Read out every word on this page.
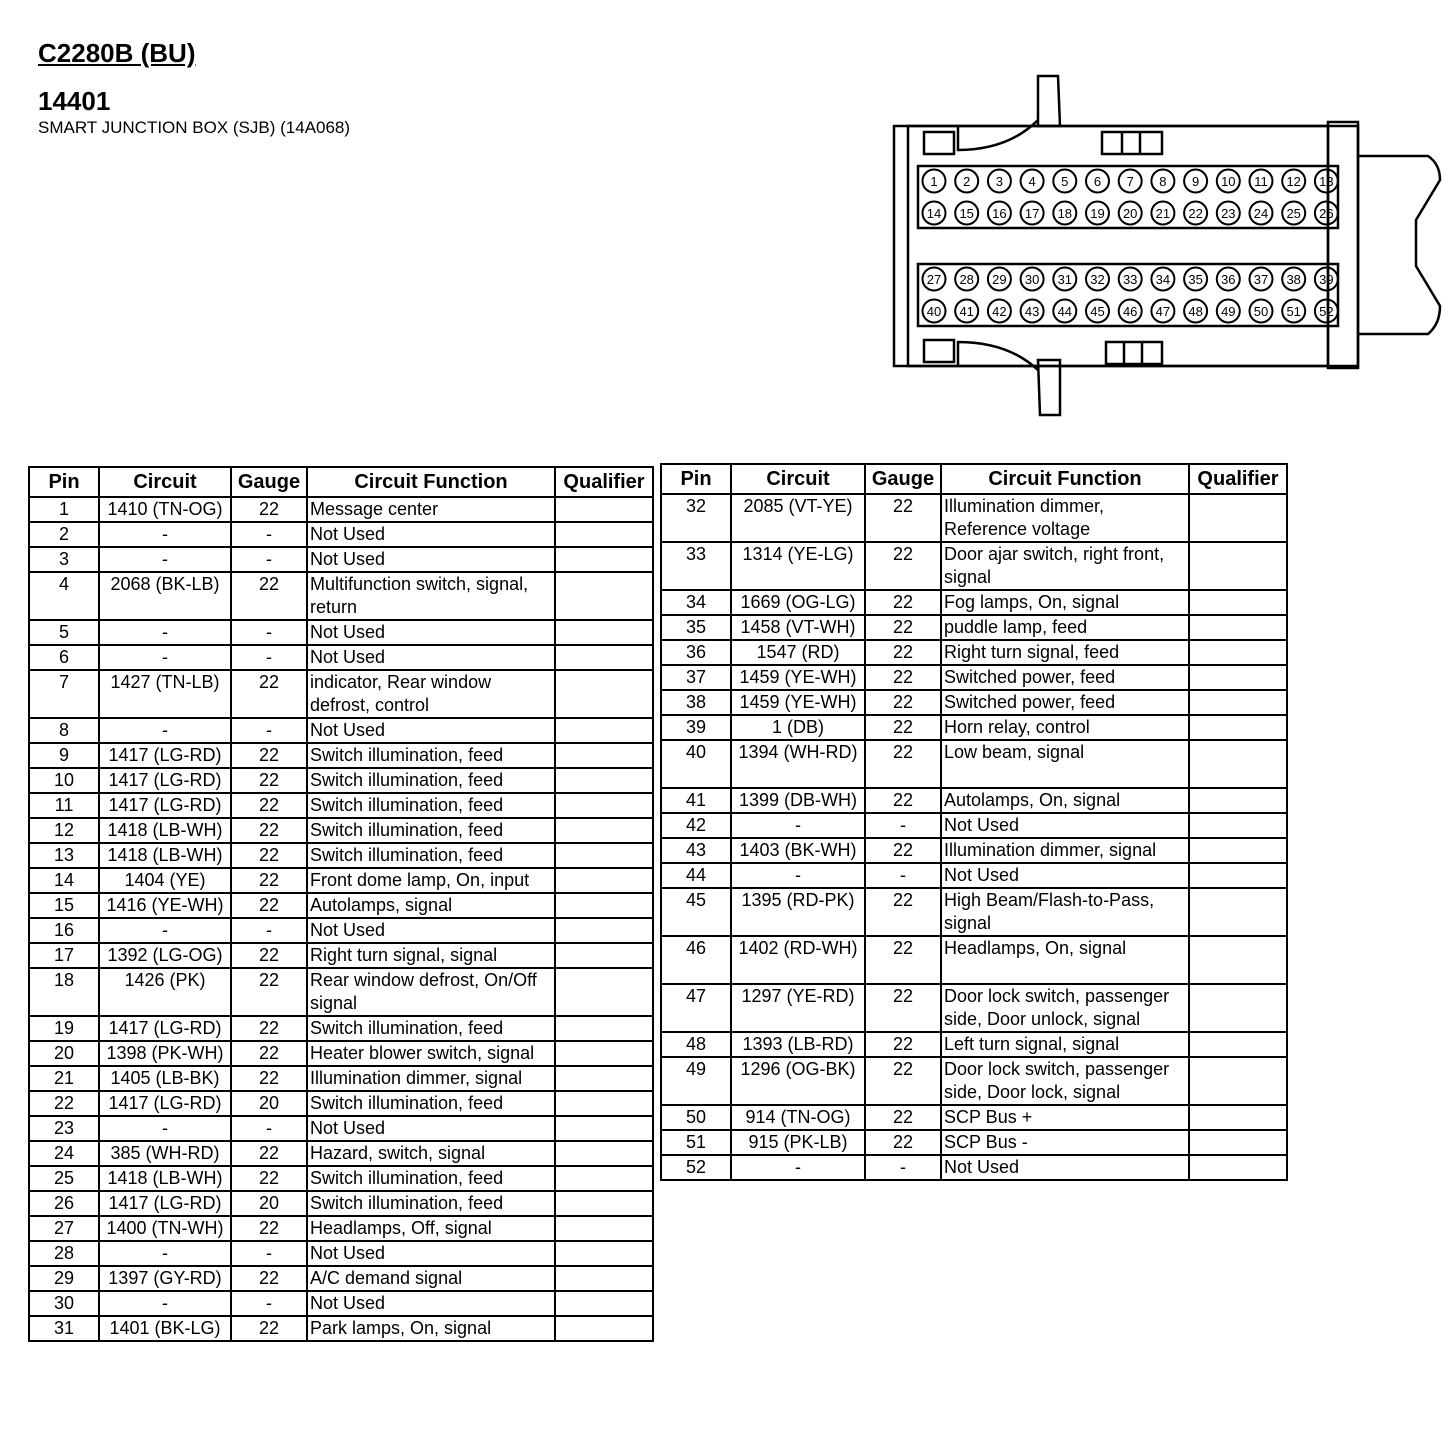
C2280B (BU)
14401
SMART JUNCTION BOX (SJB) (14A068)
1 2 3 4 5 6 7 8 9 10 11 12 13
14 15 16 17 18 19 20 21 22 23 24 25 26
27 28 29 30 31 32 33 34 35 36 37 38 39
40 41 42 43 44 45 46 47 48 49 50 51 52
Pin	Circuit	Gauge	Circuit Function	Qualifier
1	1410 (TN-OG)	22	Message center	
2	-	-	Not Used	
3	-	-	Not Used	
4	2068 (BK-LB)	22	Multifunction switch, signal, return	
5	-	-	Not Used	
6	-	-	Not Used	
7	1427 (TN-LB)	22	indicator, Rear window defrost, control	
8	-	-	Not Used	
9	1417 (LG-RD)	22	Switch illumination, feed	
10	1417 (LG-RD)	22	Switch illumination, feed	
11	1417 (LG-RD)	22	Switch illumination, feed	
12	1418 (LB-WH)	22	Switch illumination, feed	
13	1418 (LB-WH)	22	Switch illumination, feed	
14	1404 (YE)	22	Front dome lamp, On, input	
15	1416 (YE-WH)	22	Autolamps, signal	
16	-	-	Not Used	
17	1392 (LG-OG)	22	Right turn signal, signal	
18	1426 (PK)	22	Rear window defrost, On/Off signal	
19	1417 (LG-RD)	22	Switch illumination, feed	
20	1398 (PK-WH)	22	Heater blower switch, signal	
21	1405 (LB-BK)	22	Illumination dimmer, signal	
22	1417 (LG-RD)	20	Switch illumination, feed	
23	-	-	Not Used	
24	385 (WH-RD)	22	Hazard, switch, signal	
25	1418 (LB-WH)	22	Switch illumination, feed	
26	1417 (LG-RD)	20	Switch illumination, feed	
27	1400 (TN-WH)	22	Headlamps, Off, signal	
28	-	-	Not Used	
29	1397 (GY-RD)	22	A/C demand signal	
30	-	-	Not Used	
31	1401 (BK-LG)	22	Park lamps, On, signal	
Pin	Circuit	Gauge	Circuit Function	Qualifier
32	2085 (VT-YE)	22	Illumination dimmer, Reference voltage	
33	1314 (YE-LG)	22	Door ajar switch, right front, signal	
34	1669 (OG-LG)	22	Fog lamps, On, signal	
35	1458 (VT-WH)	22	puddle lamp, feed	
36	1547 (RD)	22	Right turn signal, feed	
37	1459 (YE-WH)	22	Switched power, feed	
38	1459 (YE-WH)	22	Switched power, feed	
39	1 (DB)	22	Horn relay, control	
40	1394 (WH-RD)	22	Low beam, signal	
41	1399 (DB-WH)	22	Autolamps, On, signal	
42	-	-	Not Used	
43	1403 (BK-WH)	22	Illumination dimmer, signal	
44	-	-	Not Used	
45	1395 (RD-PK)	22	High Beam/Flash-to-Pass, signal	
46	1402 (RD-WH)	22	Headlamps, On, signal	
47	1297 (YE-RD)	22	Door lock switch, passenger side, Door unlock, signal	
48	1393 (LB-RD)	22	Left turn signal, signal	
49	1296 (OG-BK)	22	Door lock switch, passenger side, Door lock, signal	
50	914 (TN-OG)	22	SCP Bus +	
51	915 (PK-LB)	22	SCP Bus -	
52	-	-	Not Used	
